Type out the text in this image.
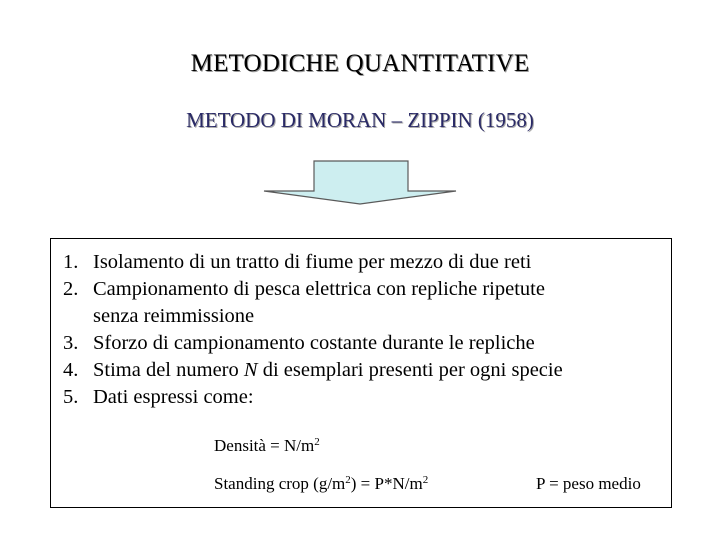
METODICHE QUANTITATIVE
METODO DI MORAN – ZIPPIN (1958)
1. Isolamento di un tratto di fiume per mezzo di due reti
2. Campionamento di pesca elettrica con repliche ripetute
senza reimmissione
3. Sforzo di campionamento costante durante le repliche
4. Stima del numero N di esemplari presenti per ogni specie
5. Dati espressi come:
Densità = $N/m^2$
Standing crop $(g/m^2) = P*N/m^2$	P = peso medio
